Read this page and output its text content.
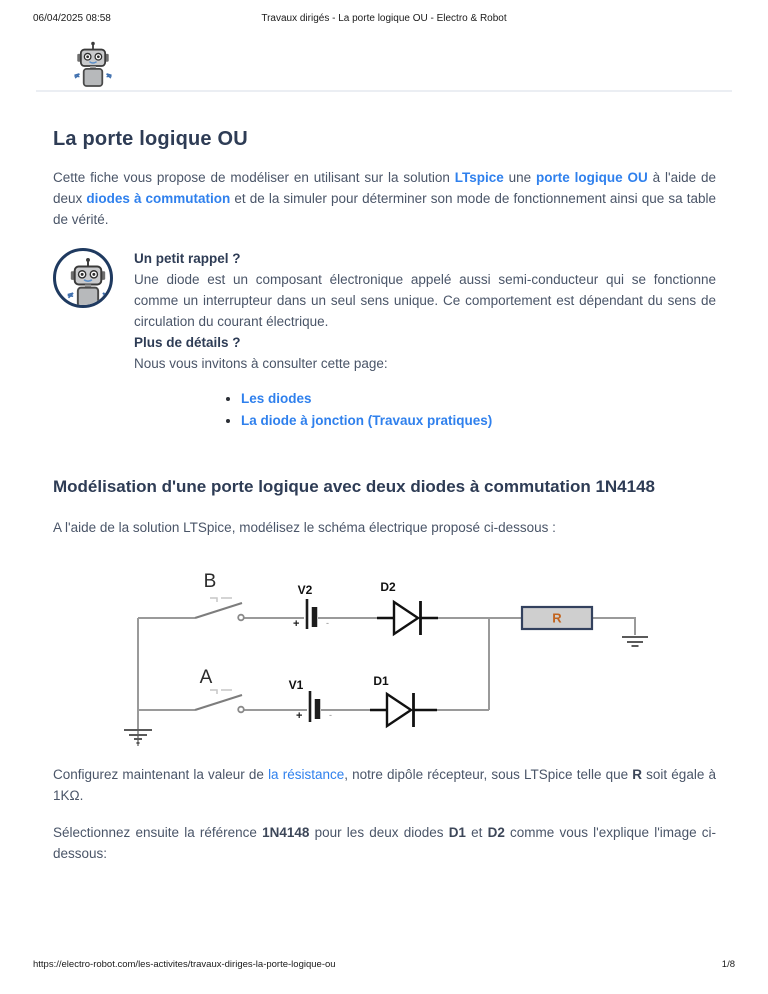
06/04/2025 08:58	Travaux dirigés - La porte logique OU - Electro & Robot
La porte logique OU

Cette fiche vous propose de modéliser en utilisant sur la solution LTspice une porte logique OU à l'aide de deux diodes à commutation et de la simuler pour déterminer son mode de fonctionnement ainsi que sa table de vérité.

Un petit rappel ?

Une diode est un composant électronique appelé aussi semi-conducteur qui se fonctionne comme un interrupteur dans un seul sens unique. Ce comportement est dépendant du sens de circulation du courant électrique.

Plus de détails ?

Nous vous invitons à consulter cette page:

• Les diodes
• La diode à jonction (Travaux pratiques)
Modélisation d'une porte logique avec deux diodes à commutation 1N4148

A l'aide de la solution LTSpice, modélisez le schéma électrique proposé ci-dessous :

+	-
+	-
R
B
A
V2
V1
D2
D1

Configurez maintenant la valeur de la résistance, notre dipôle récepteur, sous LTSpice telle que R soit égale à 1KΩ.

Sélectionnez ensuite la référence 1N4148 pour les deux diodes D1 et D2 comme vous l'explique l'image ci-dessous:

https://electro-robot.com/les-activites/travaux-diriges-la-porte-logique-ou	1/8
